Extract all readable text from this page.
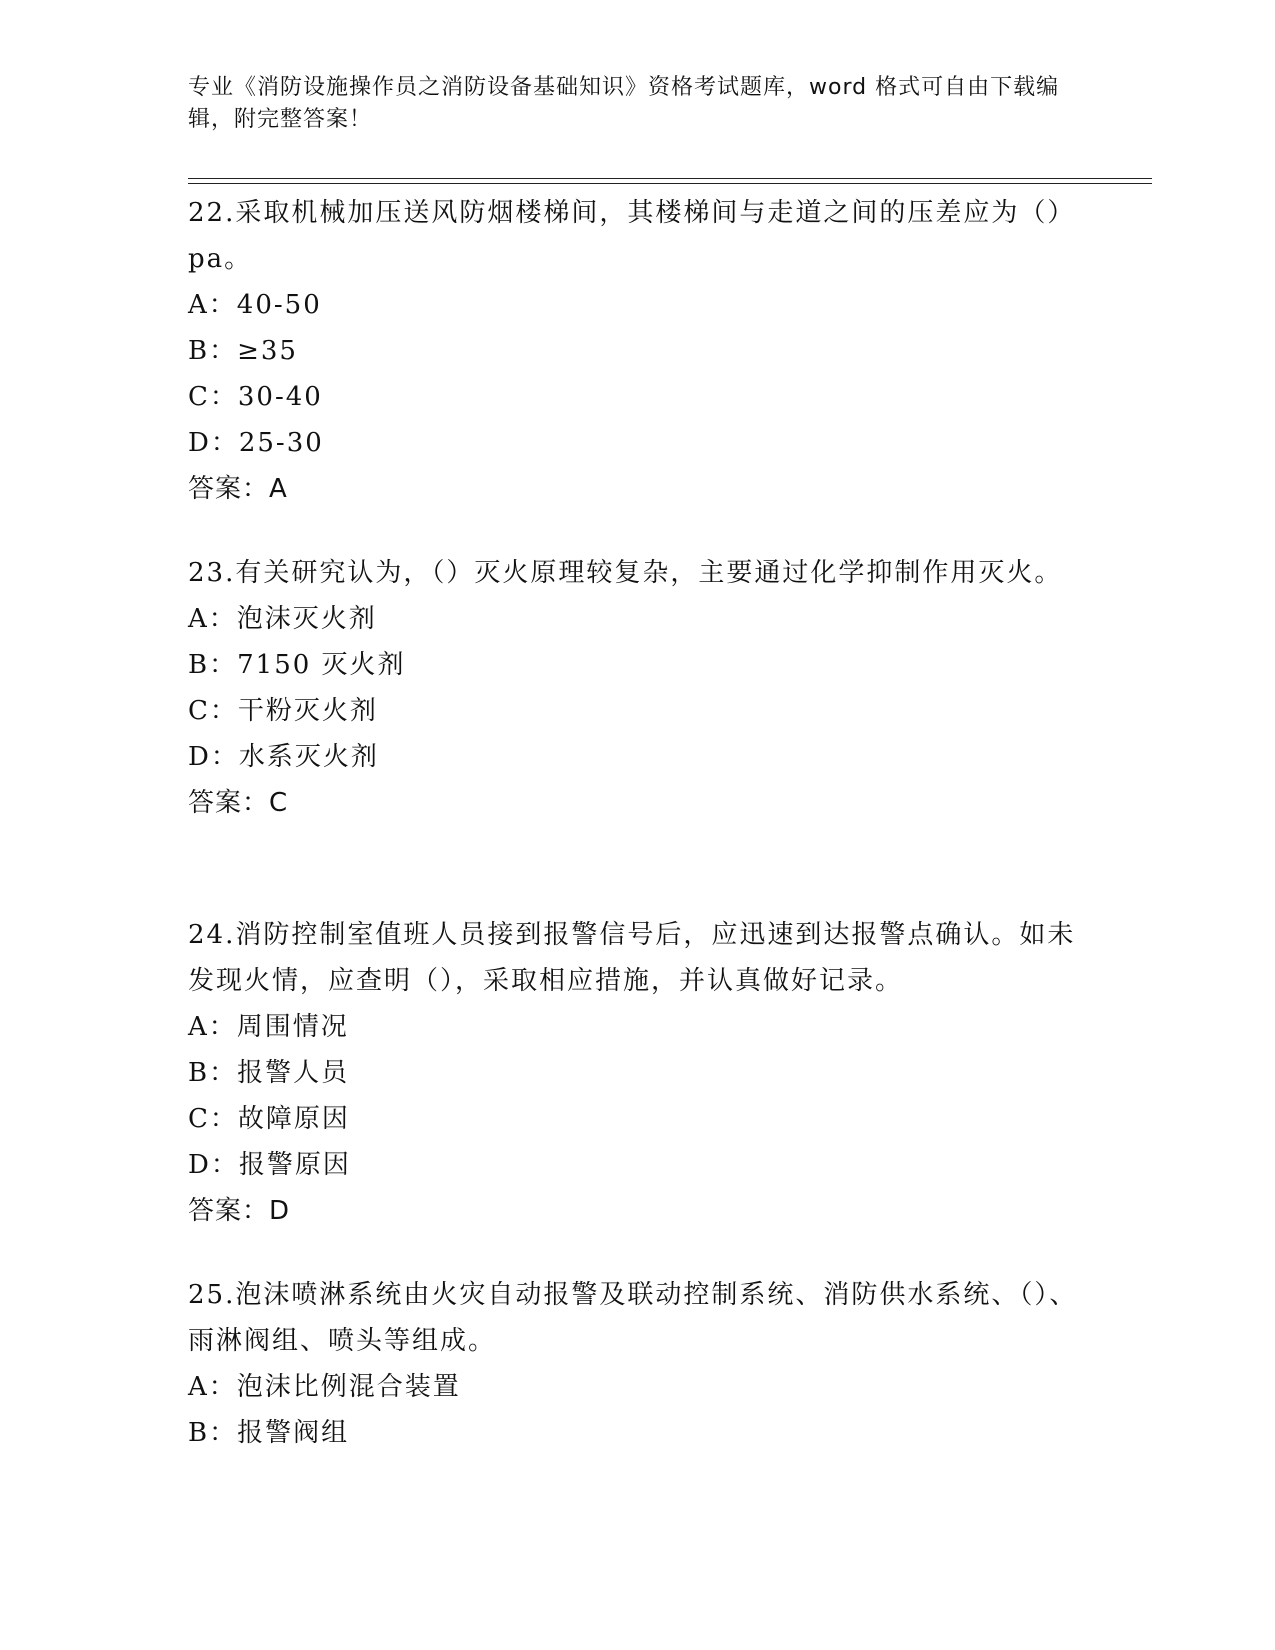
专业《消防设施操作员之消防设备基础知识》资格考试题库，word 格式可自由下载编辑，附完整答案！

22.采取机械加压送风防烟楼梯间，其楼梯间与走道之间的压差应为（）pa。

A：40-50

B：≥35

C：30-40

D：25-30

答案：A

23.有关研究认为，（）灭火原理较复杂，主要通过化学抑制作用灭火。

A：泡沫灭火剂

B：7150 灭火剂

C：干粉灭火剂

D：水系灭火剂

答案：C

24.消防控制室值班人员接到报警信号后，应迅速到达报警点确认。如未发现火情，应查明（），采取相应措施，并认真做好记录。

A：周围情况

B：报警人员

C：故障原因

D：报警原因

答案：D

25.泡沫喷淋系统由火灾自动报警及联动控制系统、消防供水系统、（）、雨淋阀组、喷头等组成。

A：泡沫比例混合装置

B：报警阀组
